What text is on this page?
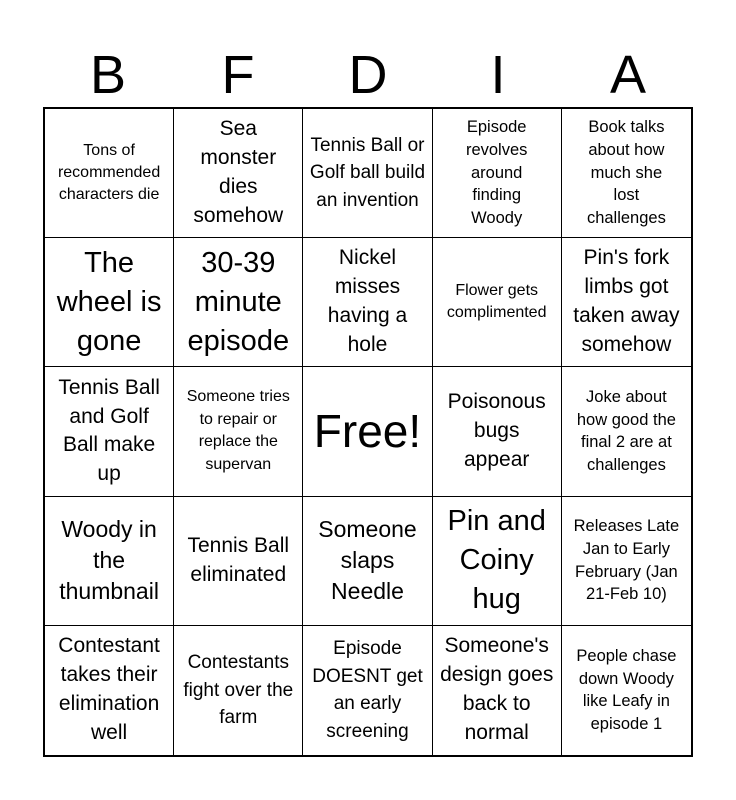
B	F	D	I	A
Tons of recommended characters die
Sea monster dies somehow
Tennis Ball or Golf ball build an invention
Episode revolves around finding Woody
Book talks about how much she lost challenges
The wheel is gone
30-39 minute episode
Nickel misses having a hole
Flower gets complimented
Pin's fork limbs got taken away somehow
Tennis Ball and Golf Ball make up
Someone tries to repair or replace the supervan
Free!
Poisonous bugs appear
Joke about how good the final 2 are at challenges
Woody in the thumbnail
Tennis Ball eliminated
Someone slaps Needle
Pin and Coiny hug
Releases Late Jan to Early February (Jan 21-Feb 10)
Contestant takes their elimination well
Contestants fight over the farm
Episode DOESNT get an early screening
Someone's design goes back to normal
People chase down Woody like Leafy in episode 1
